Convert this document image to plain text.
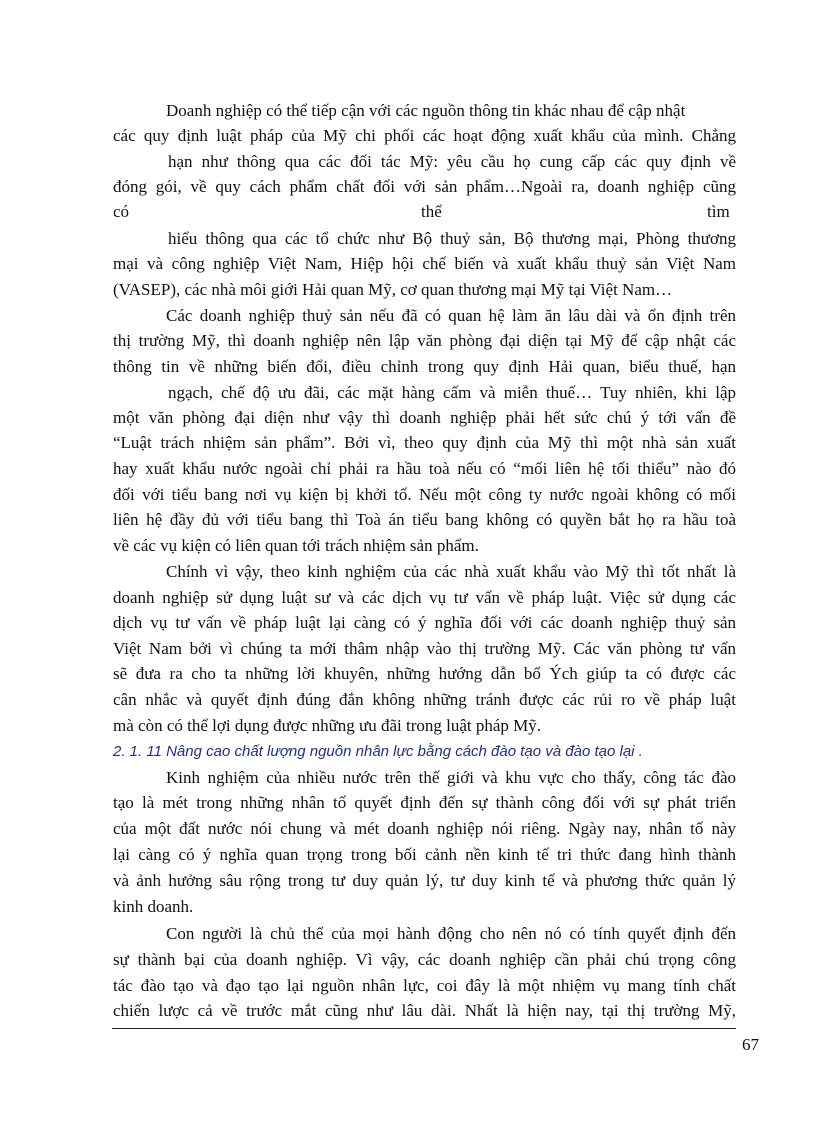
Doanh nghiệp có thể tiếp cận với các nguồn thông tin khác nhau để cập nhật
các quy định luật pháp của Mỹ chi phối các hoạt động xuất khẩu của mình. Chẳng
hạn như thông qua các đối tác Mỹ: yêu cầu họ cung cấp các quy định về
đóng gói, về quy cách phẩm chất đối với sản phẩm…Ngoài ra, doanh nghiệp cũng
có	thể	tìm
hiểu thông qua các tổ chức như Bộ thuỷ sản, Bộ thương mại, Phòng thương
mại và công nghiệp Việt Nam, Hiệp hội chế biến và xuất khẩu thuỷ sản Việt Nam
(VASEP), các nhà môi giới Hải quan Mỹ, cơ quan thương mại Mỹ tại Việt Nam…
Các doanh nghiệp thuỷ sản nếu đã có quan hệ làm ăn lâu dài và ổn định trên
thị trường Mỹ, thì doanh nghiệp nên lập văn phòng đại diện tại Mỹ để cập nhật các
thông tin về những biến đổi, điều chỉnh trong quy định Hải quan, biểu thuế, hạn
ngạch, chế độ ưu đãi, các mặt hàng cấm và miễn thuế… Tuy nhiên, khi lập
một văn phòng đại diện như vậy thì doanh nghiệp phải hết sức chú ý tới vấn đề
“Luật trách nhiệm sản phẩm”. Bởi vì, theo quy định của Mỹ thì một nhà sản xuất
hay xuất khẩu nước ngoài chỉ phải ra hầu toà nếu có “mối liên hệ tối thiểu” nào đó
đối với tiểu bang nơi vụ kiện bị khởi tố. Nếu một công ty nước ngoài không có mối
liên hệ đầy đủ với tiểu bang thì Toà án tiểu bang không có quyền bắt họ ra hầu toà
về các vụ kiện có liên quan tới trách nhiệm sản phẩm.
Chính vì vậy, theo kinh nghiệm của các nhà xuất khẩu vào Mỹ thì tốt nhất là
doanh nghiệp sử dụng luật sư và các dịch vụ tư vấn về pháp luật. Việc sử dụng các
dịch vụ tư vấn về pháp luật lại càng có ý nghĩa đối với các doanh nghiệp thuỷ sản
Việt Nam bởi vì chúng ta mới thâm nhập vào thị trường Mỹ. Các văn phòng tư vấn
sẽ đưa ra cho ta những lời khuyên, những hướng dẫn bổ Ých giúp ta có được các
cân nhắc và quyết định đúng đắn không những tránh được các rủi ro về pháp luật
mà còn có thể lợi dụng được những ưu đãi trong luật pháp Mỹ.
2. 1. 11 Nâng cao chất lượng nguồn nhân lực bằng cách đào tạo và đào tạo lại .
Kinh nghiệm của nhiều nước trên thế giới và khu vực cho thấy, công tác đào
tạo là mét trong những nhân tố quyết định đến sự thành công đối với sự phát triển
của một đất nước nói chung và mét doanh nghiệp nói riêng. Ngày nay, nhân tố này
lại càng có ý nghĩa quan trọng trong bối cảnh nền kinh tế tri thức đang hình thành
và ảnh hưởng sâu rộng trong tư duy quản lý, tư duy kinh tế và phương thức quản lý
kinh doanh.
Con người là chủ thể của mọi hành động cho nên nó có tính quyết định đến
sự thành bại của doanh nghiệp. Vì vậy, các doanh nghiệp cần phải chú trọng công
tác đào tạo và đạo tạo lại nguồn nhân lực, coi đây là một nhiệm vụ mang tính chất
chiến lược cả về trước mắt cũng như lâu dài. Nhất là hiện nay, tại thị trường Mỹ,
67
